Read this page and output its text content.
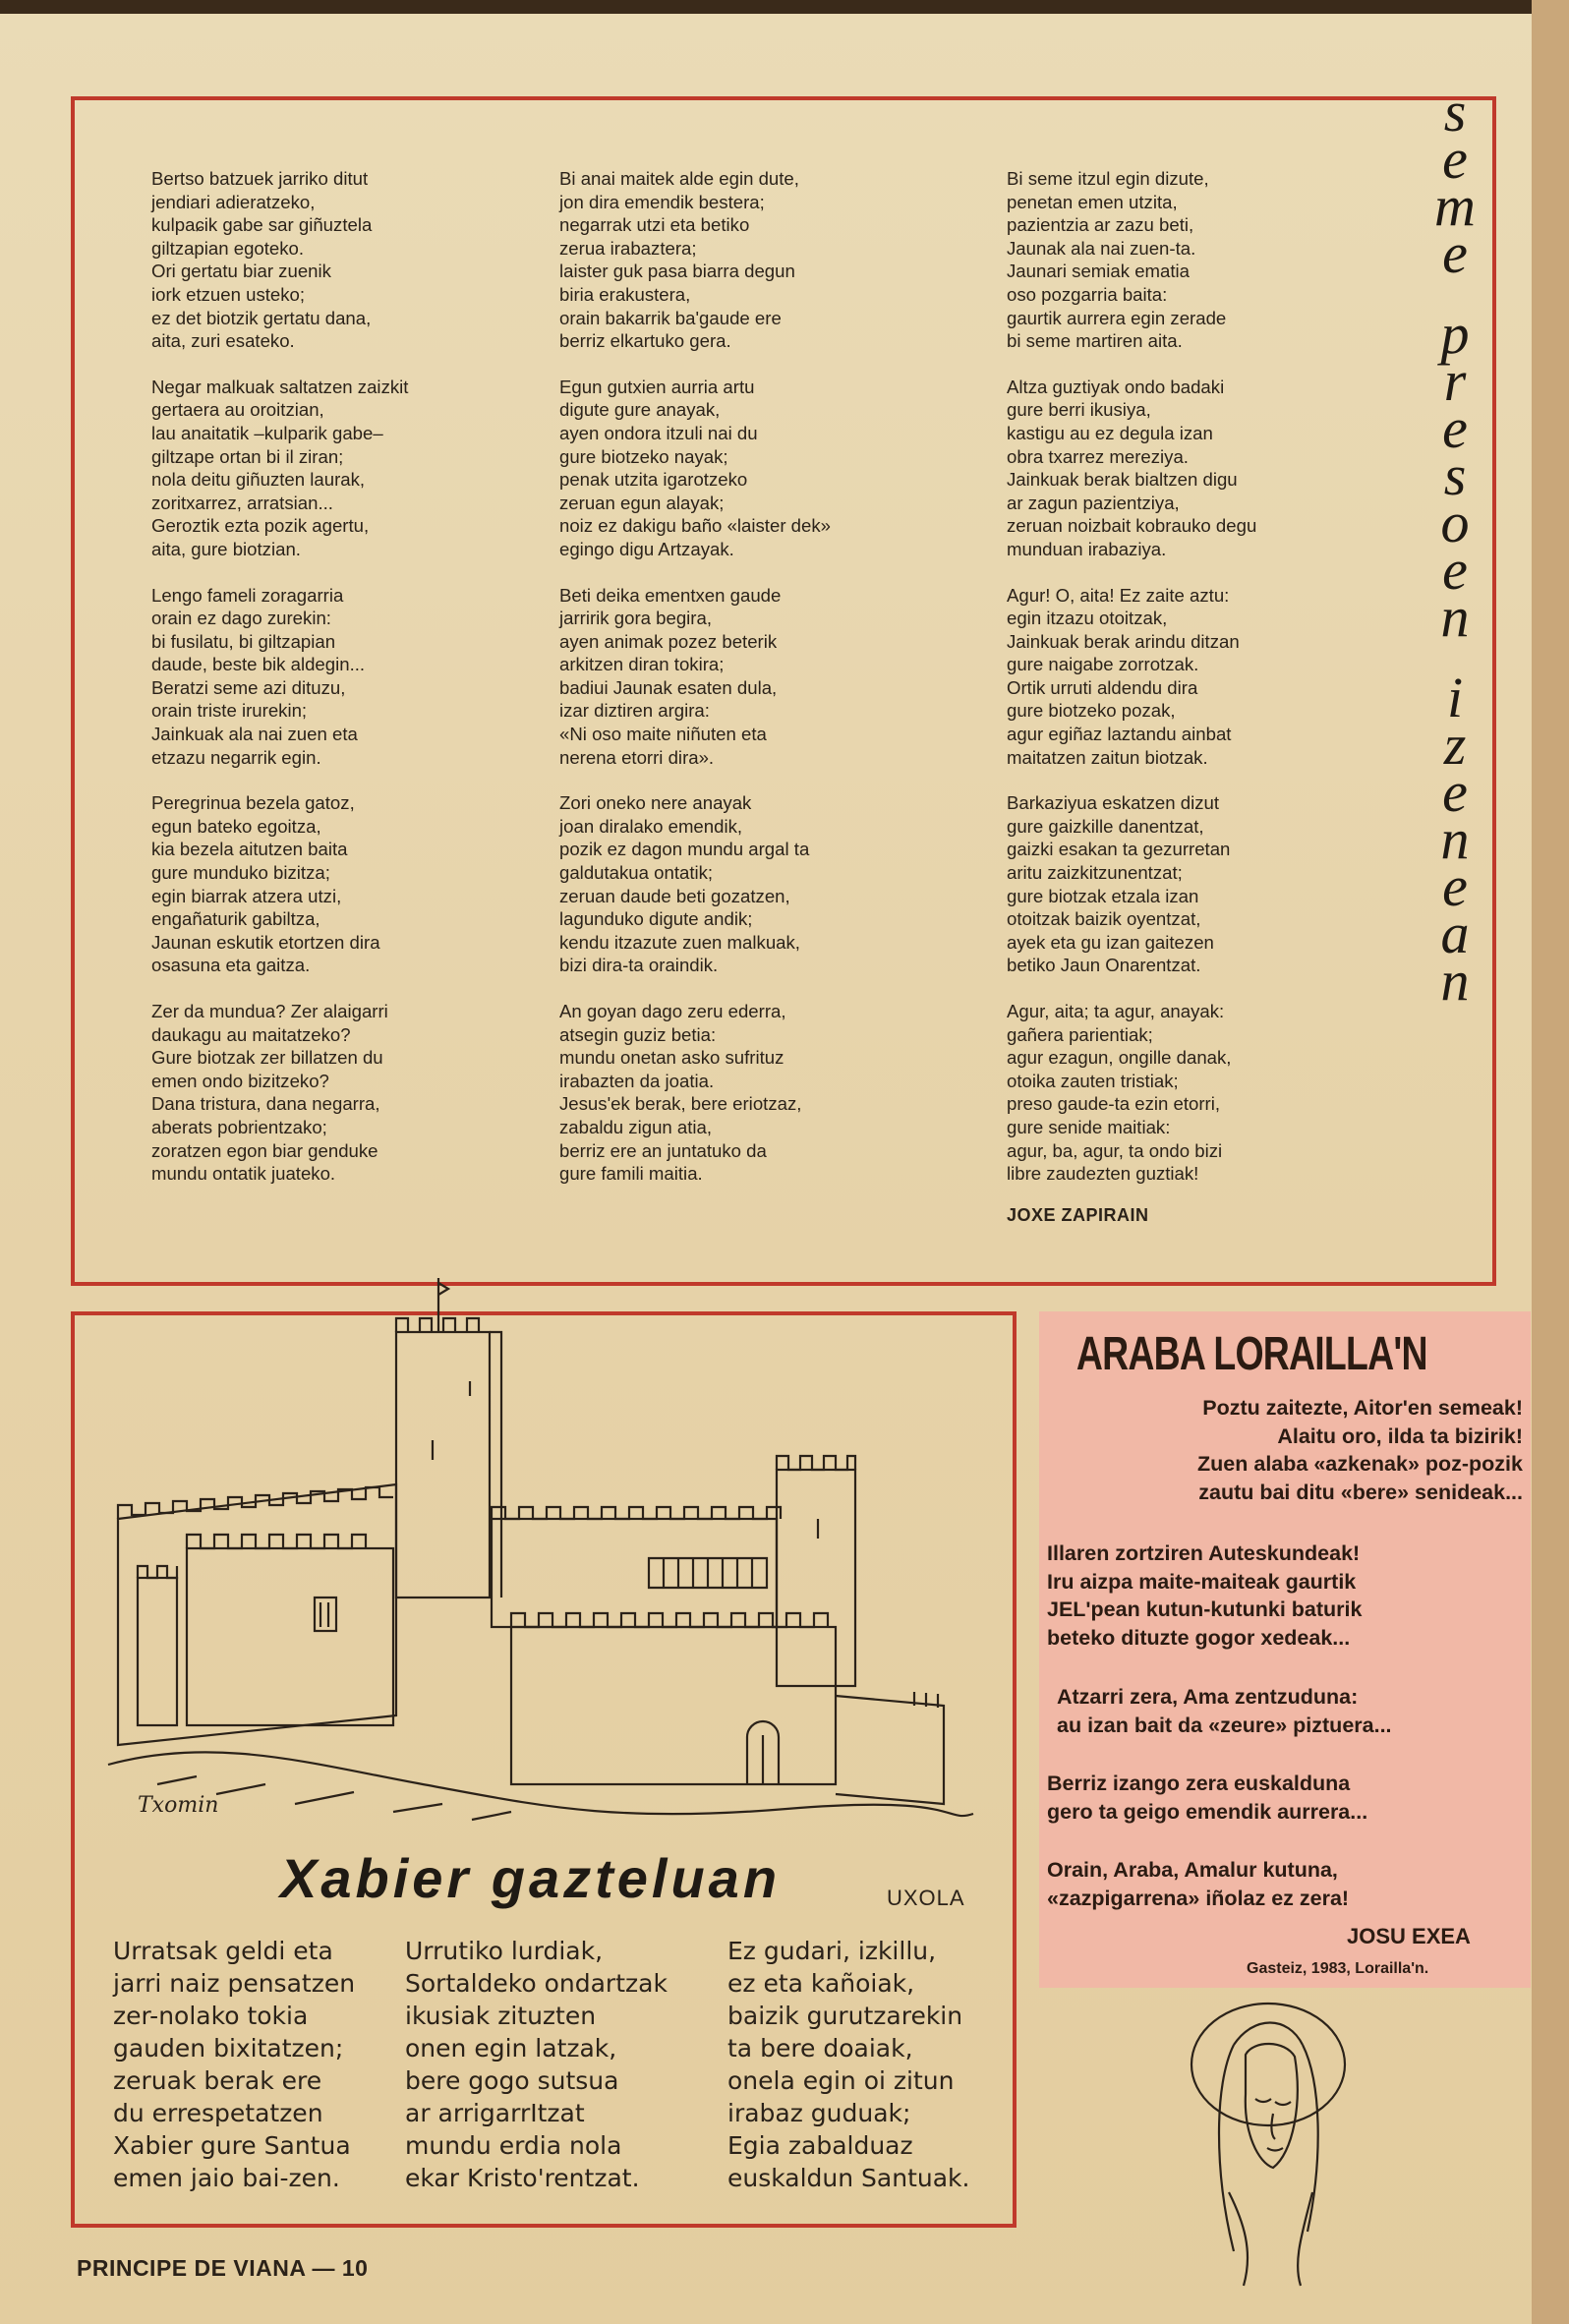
Bertso batzuek jarriko ditut
jendiari adieratzeko,
kulpaɕik gabe sar giñuztela
giltzapian egoteko.
Ori gertatu biar zuenik
iork etzuen usteko;
ez det biotzik gertatu dana,
aita, zuri esateko.
Negar malkuak saltatzen zaizkit
gertaera au oroitzian,
lau anaitatik –kulparik gabe–
giltzape ortan bi il ziran;
nola deitu giñuzten laurak,
zoritxarrez, arratsian...
Geroztik ezta pozik agertu,
aita, gure biotzian.
Lengo fameli zoragarria
orain ez dago zurekin:
bi fusilatu, bi giltzapian
daude, beste bik aldegin...
Beratzi seme azi dituzu,
orain triste irurekin;
Jainkuak ala nai zuen eta
etzazu negarrik egin.
Peregrinua bezela gatoz,
egun bateko egoitza,
kia bezela aitutzen baita
gure munduko bizitza;
egin biarrak atzera utzi,
engañaturik gabiltza,
Jaunan eskutik etortzen dira
osasuna eta gaitza.
Zer da mundua? Zer alaigarri
daukagu au maitatzeko?
Gure biotzak zer billatzen du
emen ondo bizitzeko?
Dana tristura, dana negarra,
aberats pobrientzako;
zoratzen egon biar genduke
mundu ontatik juateko.
Bi anai maitek alde egin dute,
jon dira emendik bestera;
negarrak utzi eta betiko
zerua irabaztera;
laister guk pasa biarra degun
biria erakustera,
orain bakarrik ba'gaude ere
berriz elkartuko gera.
Egun gutxien aurria artu
digute gure anayak,
ayen ondora itzuli nai du
gure biotzeko nayak;
penak utzita igarotzeko
zeruan egun alayak;
noiz ez dakigu baño «laister dek»
egingo digu Artzayak.
Beti deika ementxen gaude
jarririk gora begira,
ayen animak pozez beterik
arkitzen diran tokira;
badiui Jaunak esaten dula,
izar diztiren argira:
«Ni oso maite niñuten eta
nerena etorri dira».
Zori oneko nere anayak
joan diralako emendik,
pozik ez dagon mundu argal ta
galdutakua ontatik;
zeruan daude beti gozatzen,
lagunduko digute andik;
kendu itzazute zuen malkuak,
bizi dira-ta oraindik.
An goyan dago zeru ederra,
atsegin guziz betia:
mundu onetan asko sufrituz
irabazten da joatia.
Jesus'ek berak, bere eriotzaz,
zabaldu zigun atia,
berriz ere an juntatuko da
gure famili maitia.
Bi seme itzul egin dizute,
penetan emen utzita,
pazientzia ar zazu beti,
Jaunak ala nai zuen-ta.
Jaunari semiak ematia
oso pozgarria baita:
gaurtik aurrera egin zerade
bi seme martiren aita.
Altza guztiyak ondo badaki
gure berri ikusiya,
kastigu au ez degula izan
obra txarrez mereziya.
Jainkuak berak bialtzen digu
ar zagun pazientziya,
zeruan noizbait kobrauko degu
munduan irabaziya.
Agur! O, aita! Ez zaite aztu:
egin itzazu otoitzak,
Jainkuak berak arindu ditzan
gure naigabe zorrotzak.
Ortik urruti aldendu dira
gure biotzeko pozak,
agur egiñaz laztandu ainbat
maitatzen zaitun biotzak.
Barkaziyua eskatzen dizut
gure gaizkille danentzat,
gaizki esakan ta gezurretan
aritu zaizkitzunentzat;
gure biotzak etzala izan
otoitzak baizik oyentzat,
ayek eta gu izan gaitezen
betiko Jaun Onarentzat.
Agur, aita; ta agur, anayak:
gañera parientiak;
agur ezagun, ongille danak,
otoika zauten tristiak;
preso gaude-ta ezin etorri,
gure senide maitiak:
agur, ba, agur, ta ondo bizi
libre zaudezten guztiak!
JOXE ZAPIRAIN
s
e
m
e
p
r
e
s
o
e
n
i
z
e
n
e
a
n
Txomin
Xabier gazteluan	UXOLA
Urratsak geldi eta
jarri naiz pensatzen
zer-nolako tokia
gauden bixitatzen;
zeruak berak ere
du errespetatzen
Xabier gure Santua
emen jaio bai-zen.
Urrutiko lurdiak,
Sortaldeko ondartzak
ikusiak zituzten
onen egin latzak,
bere gogo sutsua
ar arrigarrItzat
mundu erdia nola
ekar Kristo'rentzat.
Ez gudari, izkillu,
ez eta kañoiak,
baizik gurutzarekin
ta bere doaiak,
onela egin oi zitun
irabaz guduak;
Egia zabalduaz
euskaldun Santuak.
ARABA LORAILLA'N
Poztu zaitezte, Aitor'en semeak!
Alaitu oro, ilda ta bizirik!
Zuen alaba «azkenak» poz-pozik
zautu bai ditu «bere» senideak...
Illaren zortziren Auteskundeak!
Iru aizpa maite-maiteak gaurtik
JEL'pean kutun-kutunki baturik
beteko dituzte gogor xedeak...
Atzarri zera, Ama zentzuduna:
au izan bait da «zeure» piztuera...
Berriz izango zera euskalduna
gero ta geigo emendik aurrera...
Orain, Araba, Amalur kutuna,
«zazpigarrena» iñolaz ez zera!
JOSU EXEA
Gasteiz, 1983, Lorailla'n.
PRINCIPE DE VIANA — 10
